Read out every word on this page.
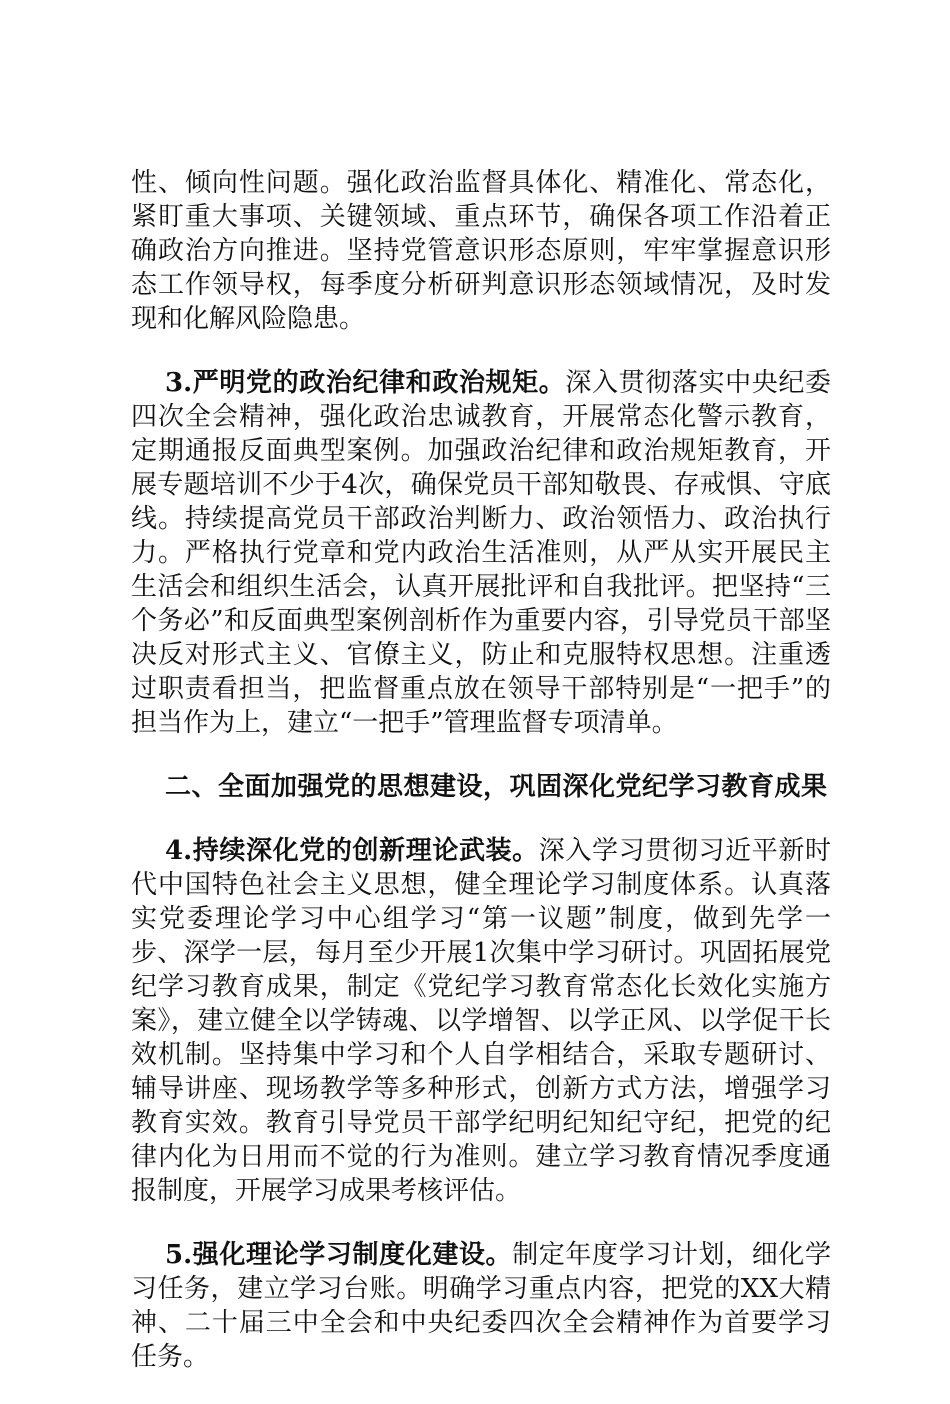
性、倾向性问题。强化政治监督具体化、精准化、常态化，紧盯重大事项、关键领域、重点环节，确保各项工作沿着正确政治方向推进。坚持党管意识形态原则，牢牢掌握意识形态工作领导权，每季度分析研判意识形态领域情况，及时发现和化解风险隐患。

3.严明党的政治纪律和政治规矩。深入贯彻落实中央纪委四次全会精神，强化政治忠诚教育，开展常态化警示教育，定期通报反面典型案例。加强政治纪律和政治规矩教育，开展专题培训不少于4次，确保党员干部知敬畏、存戒惧、守底线。持续提高党员干部政治判断力、政治领悟力、政治执行力。严格执行党章和党内政治生活准则，从严从实开展民主生活会和组织生活会，认真开展批评和自我批评。把坚持“三个务必”和反面典型案例剖析作为重要内容，引导党员干部坚决反对形式主义、官僚主义，防止和克服特权思想。注重透过职责看担当，把监督重点放在领导干部特别是“一把手”的担当作为上，建立“一把手”管理监督专项清单。

二、全面加强党的思想建设，巩固深化党纪学习教育成果

4.持续深化党的创新理论武装。深入学习贯彻习近平新时代中国特色社会主义思想，健全理论学习制度体系。认真落实党委理论学习中心组学习“第一议题”制度，做到先学一步、深学一层，每月至少开展1次集中学习研讨。巩固拓展党纪学习教育成果，制定《党纪学习教育常态化长效化实施方案》，建立健全以学铸魂、以学增智、以学正风、以学促干长效机制。坚持集中学习和个人自学相结合，采取专题研讨、辅导讲座、现场教学等多种形式，创新方式方法，增强学习教育实效。教育引导党员干部学纪明纪知纪守纪，把党的纪律内化为日用而不觉的行为准则。建立学习教育情况季度通报制度，开展学习成果考核评估。

5.强化理论学习制度化建设。制定年度学习计划，细化学习任务，建立学习台账。明确学习重点内容，把党的XX大精神、二十届三中全会和中央纪委四次全会精神作为首要学习任务。
